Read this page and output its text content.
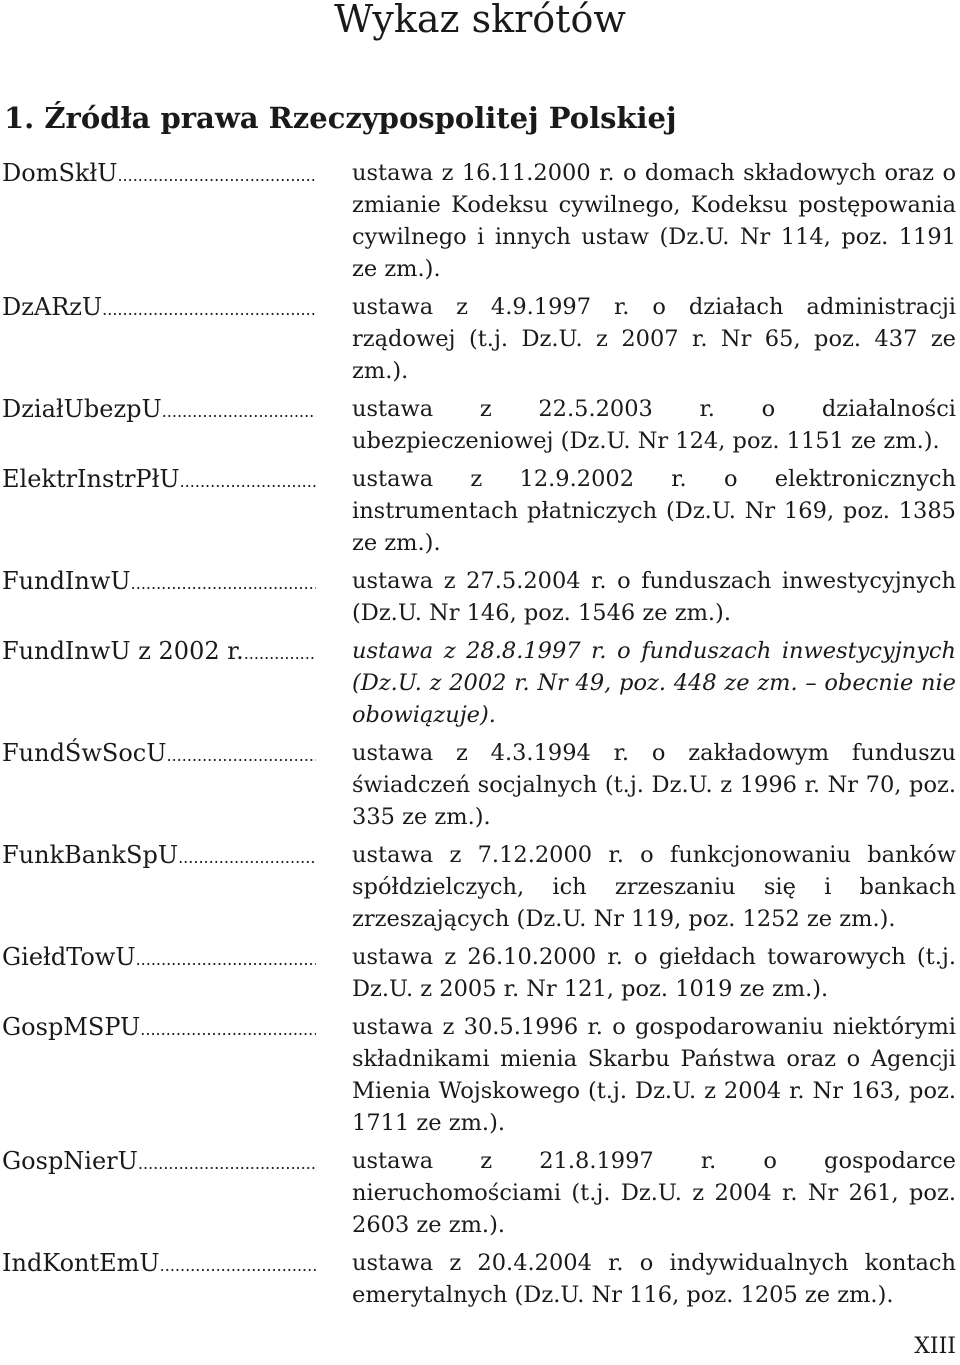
Wykaz skrótów
1. Źródła prawa Rzeczypospolitej Polskiej
DomSkłU .....	ustawa z 16.11.2000 r. o domach składowych oraz o zmianie Kodeksu cywilnego, Kodeksu postępowania cywilnego i innych ustaw (Dz.U. Nr 114, poz. 1191 ze zm.).
DzARzU .....	ustawa z 4.9.1997 r. o działach administracji rządowej (t.j. Dz.U. z 2007 r. Nr 65, poz. 437 ze zm.).
DziałUbezpU .....	ustawa z 22.5.2003 r. o działalności ubezpieczeniowej (Dz.U. Nr 124, poz. 1151 ze zm.).
ElektrInstrPłU .....	ustawa z 12.9.2002 r. o elektronicznych instrumentach płatniczych (Dz.U. Nr 169, poz. 1385 ze zm.).
FundInwU .....	ustawa z 27.5.2004 r. o funduszach inwestycyjnych (Dz.U. Nr 146, poz. 1546 ze zm.).
FundInwU z 2002 r. .....	ustawa z 28.8.1997 r. o funduszach inwestycyjnych (Dz.U. z 2002 r. Nr 49, poz. 448 ze zm. – obecnie nie obowiązuje).
FundŚwSocU .....	ustawa z 4.3.1994 r. o zakładowym funduszu świadczeń socjalnych (t.j. Dz.U. z 1996 r. Nr 70, poz. 335 ze zm.).
FunkBankSpU .....	ustawa z 7.12.2000 r. o funkcjonowaniu banków spółdzielczych, ich zrzeszaniu się i bankach zrzeszających (Dz.U. Nr 119, poz. 1252 ze zm.).
GiełdTowU .....	ustawa z 26.10.2000 r. o giełdach towarowych (t.j. Dz.U. z 2005 r. Nr 121, poz. 1019 ze zm.).
GospMSPU .....	ustawa z 30.5.1996 r. o gospodarowaniu niektórymi składnikami mienia Skarbu Państwa oraz o Agencji Mienia Wojskowego (t.j. Dz.U. z 2004 r. Nr 163, poz. 1711 ze zm.).
GospNierU .....	ustawa z 21.8.1997 r. o gospodarce nieruchomościami (t.j. Dz.U. z 2004 r. Nr 261, poz. 2603 ze zm.).
IndKontEmU .....	ustawa z 20.4.2004 r. o indywidualnych kontach emerytalnych (Dz.U. Nr 116, poz. 1205 ze zm.).
XIII
